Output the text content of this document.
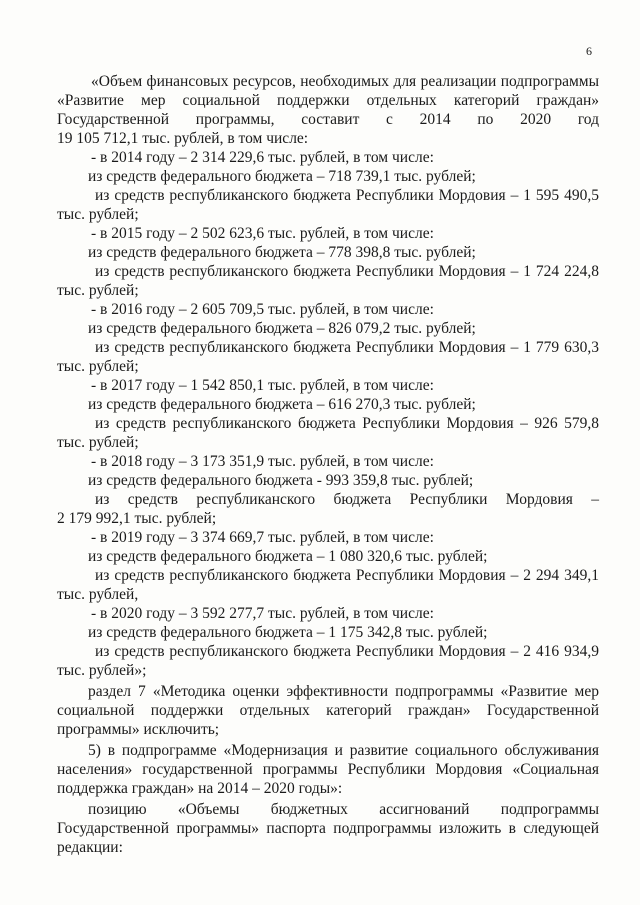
6
«Объем финансовых ресурсов, необходимых для реализации подпрограммы
«Развитие мер социальной поддержки отдельных категорий граждан»
Государственной программы, составит с 2014 по 2020 год
19 105 712,1 тыс. рублей, в том числе:
- в 2014 году – 2 314 229,6 тыс. рублей, в том числе:
из средств федерального бюджета – 718 739,1 тыс. рублей;
из средств республиканского бюджета Республики Мордовия – 1 595 490,5
тыс. рублей;
- в 2015 году – 2 502 623,6 тыс. рублей, в том числе:
из средств федерального бюджета – 778 398,8 тыс. рублей;
из средств республиканского бюджета Республики Мордовия – 1 724 224,8
тыс. рублей;
- в 2016 году – 2 605 709,5 тыс. рублей, в том числе:
из средств федерального бюджета – 826 079,2 тыс. рублей;
из средств республиканского бюджета Республики Мордовия – 1 779 630,3
тыс. рублей;
- в 2017 году – 1 542 850,1 тыс. рублей, в том числе:
из средств федерального бюджета – 616 270,3 тыс. рублей;
из средств республиканского бюджета Республики Мордовия – 926 579,8
тыс. рублей;
- в 2018 году – 3 173 351,9 тыс. рублей, в том числе:
из средств федерального бюджета - 993 359,8 тыс. рублей;
из средств республиканского бюджета Республики Мордовия –
2 179 992,1 тыс. рублей;
- в 2019 году – 3 374 669,7 тыс. рублей, в том числе:
из средств федерального бюджета – 1 080 320,6 тыс. рублей;
из средств республиканского бюджета Республики Мордовия – 2 294 349,1
тыс. рублей,
- в 2020 году – 3 592 277,7 тыс. рублей, в том числе:
из средств федерального бюджета – 1 175 342,8 тыс. рублей;
из средств республиканского бюджета Республики Мордовия – 2 416 934,9
тыс. рублей»;
раздел 7 «Методика оценки эффективности подпрограммы «Развитие мер
социальной поддержки отдельных категорий граждан» Государственной
программы» исключить;
5) в подпрограмме «Модернизация и развитие социального обслуживания
населения» государственной программы Республики Мордовия «Социальная
поддержка граждан» на 2014 – 2020 годы»:
позицию «Объемы бюджетных ассигнований подпрограммы
Государственной программы» паспорта подпрограммы изложить в следующей
редакции:
